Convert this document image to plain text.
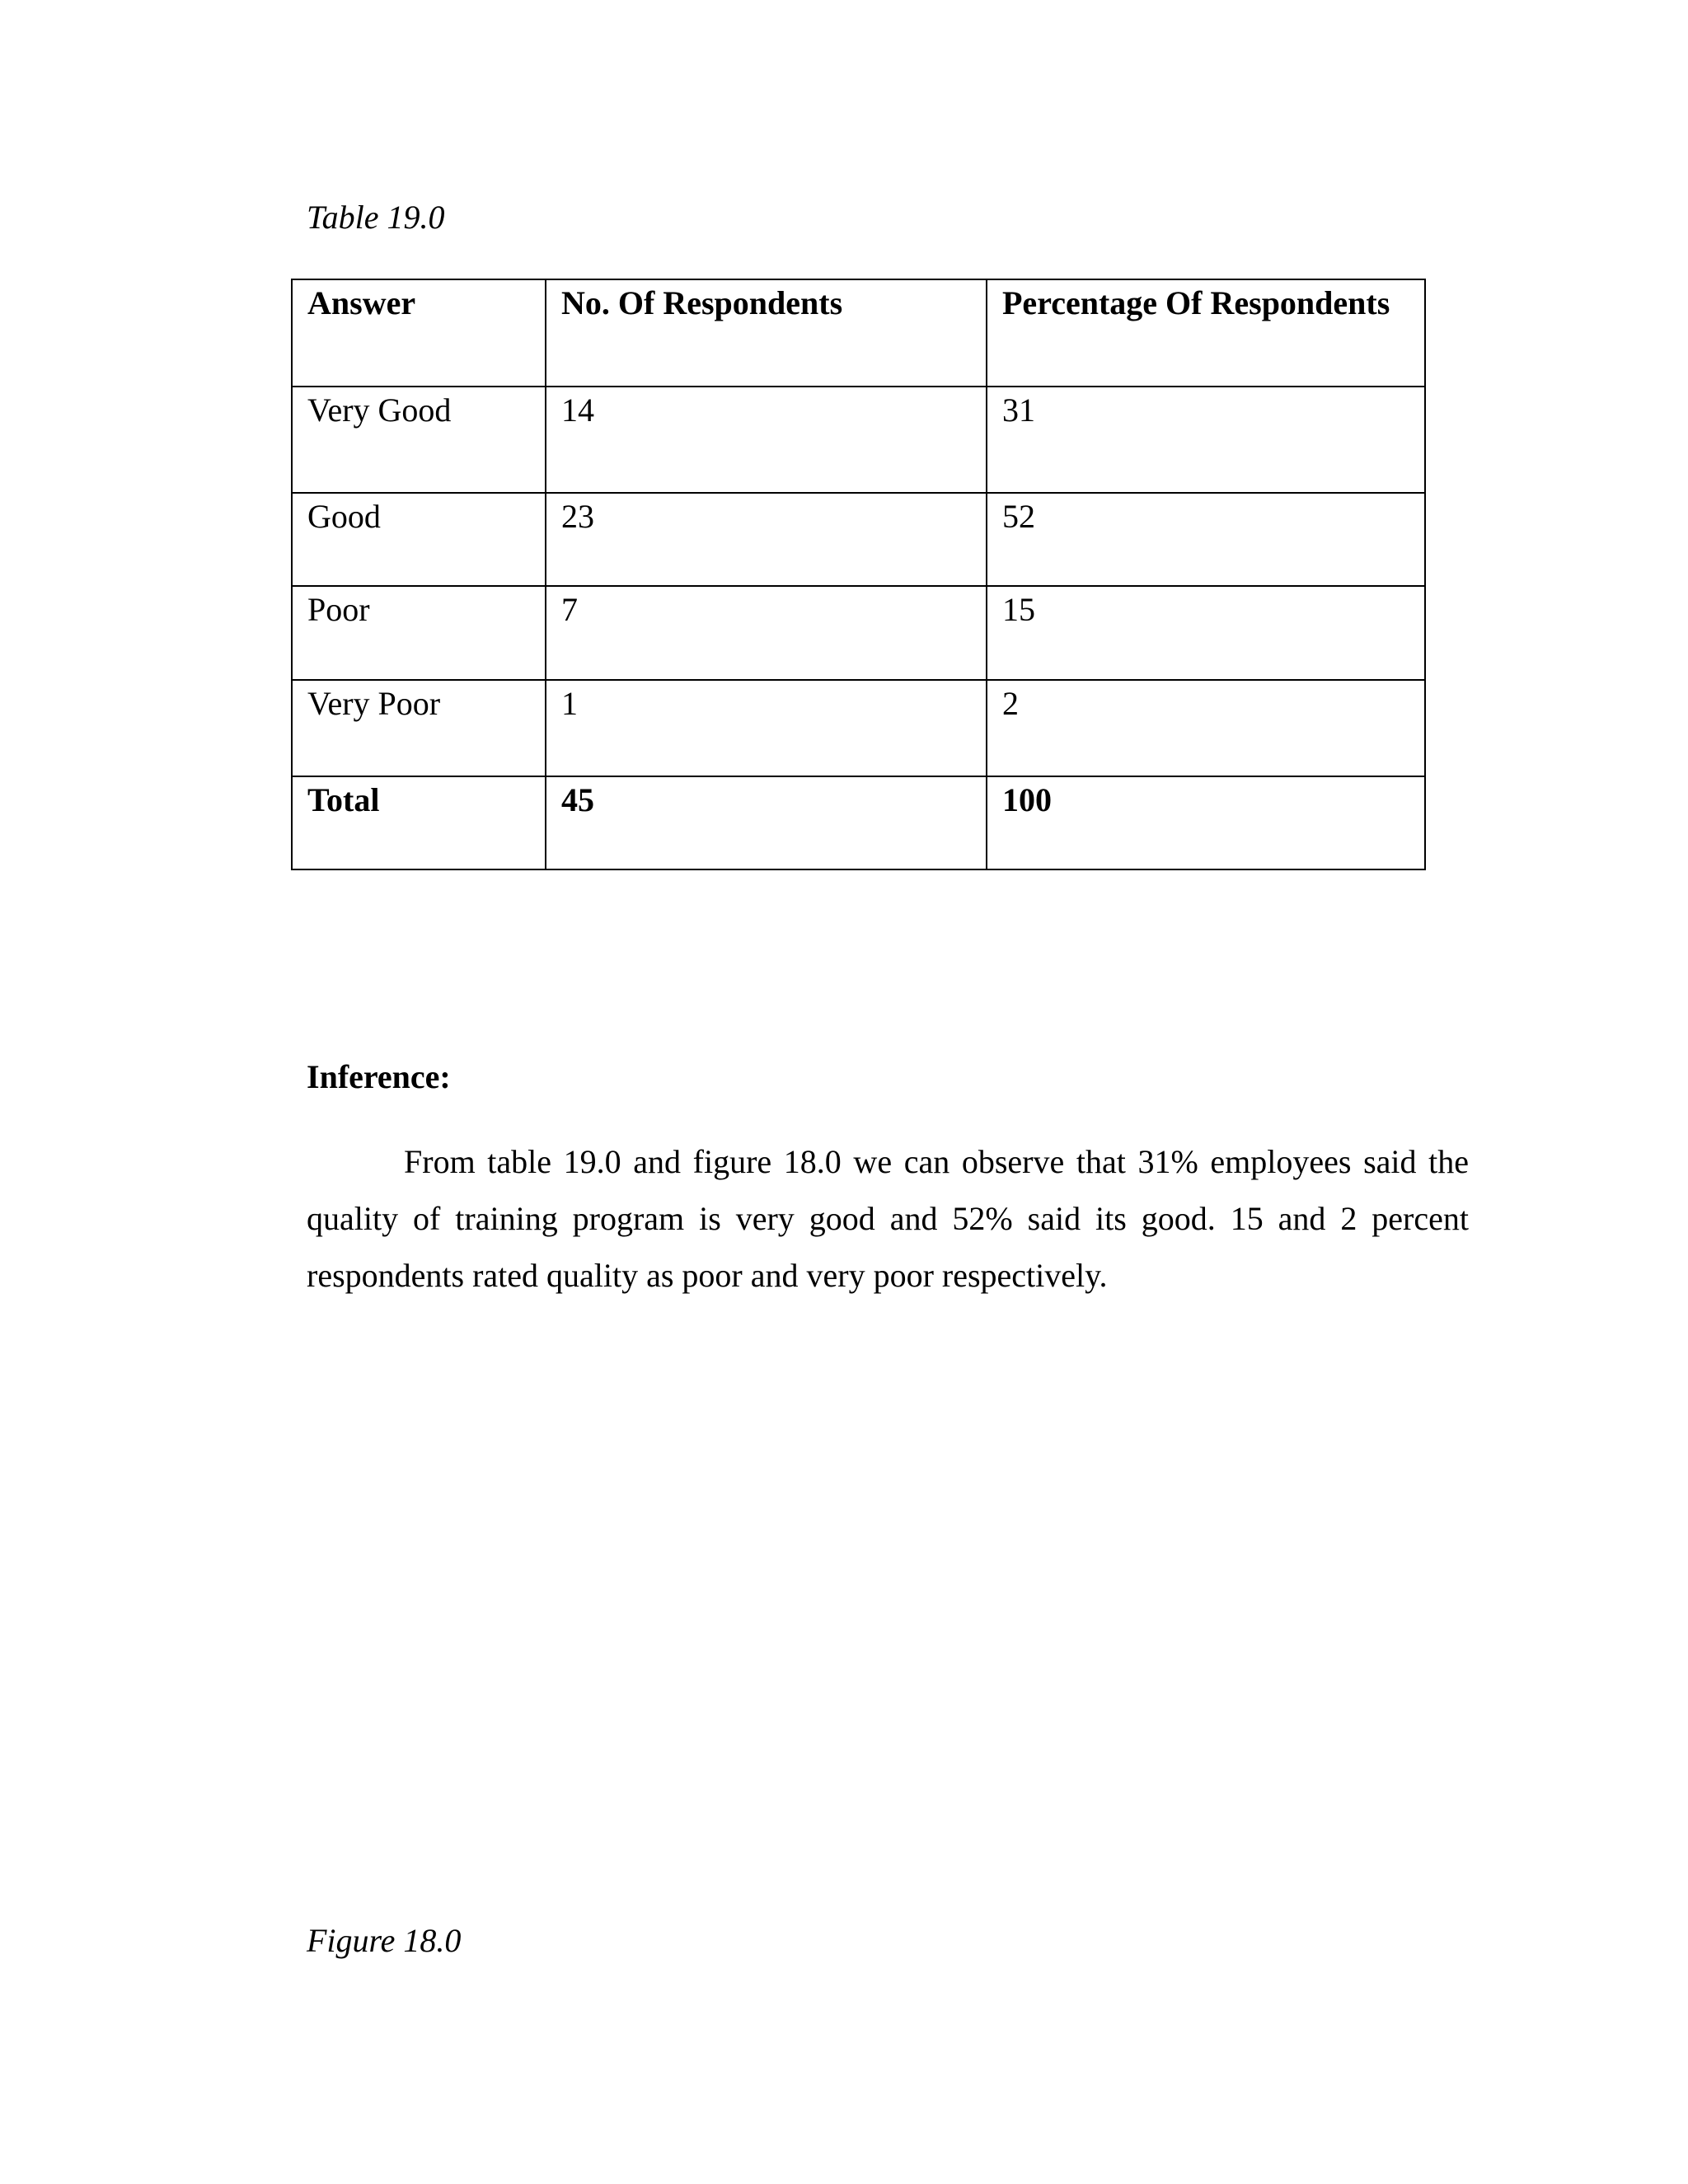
Table 19.0
Answer	No. Of Respondents	Percentage Of Respondents
Very Good	14	31
Good	23	52
Poor	7	15
Very Poor	1	2
Total	45	100
Inference:

From table 19.0 and figure 18.0 we can observe that 31% employees said the quality of training program is very good and 52% said its good. 15 and 2 percent respondents rated quality as poor and very poor respectively.

Figure 18.0
